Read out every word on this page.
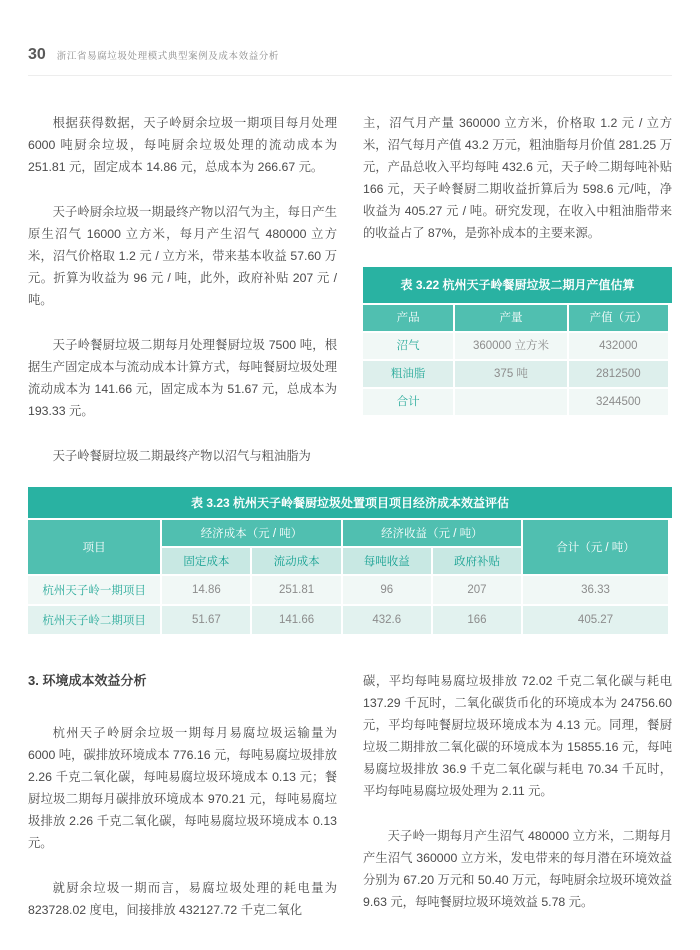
30 浙江省易腐垃圾处理模式典型案例及成本效益分析

根据获得数据，天子岭厨余垃圾一期项目每月处理 6000 吨厨余垃圾，每吨厨余垃圾处理的流动成本为 251.81 元，固定成本 14.86 元，总成本为 266.67 元。

天子岭厨余垃圾一期最终产物以沼气为主，每日产生原生沼气 16000 立方米，每月产生沼气 480000 立方米，沼气价格取 1.2 元 / 立方米，带来基本收益 57.60 万元。折算为收益为 96 元 / 吨，此外，政府补贴 207 元 / 吨。

天子岭餐厨垃圾二期每月处理餐厨垃圾 7500 吨，根据生产固定成本与流动成本计算方式，每吨餐厨垃圾处理流动成本为 141.66 元，固定成本为 51.67 元，总成本为 193.33 元。

天子岭餐厨垃圾二期最终产物以沼气与粗油脂为

主，沼气月产量 360000 立方米，价格取 1.2 元 / 立方米，沼气每月产值 43.2 万元，粗油脂每月价值 281.25 万元，产品总收入平均每吨 432.6 元，天子岭二期每吨补贴 166 元，天子岭餐厨二期收益折算后为 598.6 元/吨，净收益为 405.27 元 / 吨。研究发现，在收入中粗油脂带来的收益占了 87%，是弥补成本的主要来源。

表 3.22 杭州天子岭餐厨垃圾二期月产值估算
产品	产量	产值（元）
沼气	360000 立方米	432000
粗油脂	375 吨	2812500
合计		3244500
表 3.23 杭州天子岭餐厨垃圾处置项目项目经济成本效益评估
项目	经济成本（元 / 吨）		经济收益（元 / 吨）		合计（元 / 吨）
	固定成本	流动成本	每吨收益	政府补贴	
杭州天子岭一期项目	14.86	251.81	96	207	36.33
杭州天子岭二期项目	51.67	141.66	432.6	166	405.27
3. 环境成本效益分析

杭州天子岭厨余垃圾一期每月易腐垃圾运输量为 6000 吨，碳排放环境成本 776.16 元，每吨易腐垃圾排放 2.26 千克二氧化碳，每吨易腐垃圾环境成本 0.13 元；餐厨垃圾二期每月碳排放环境成本 970.21 元，每吨易腐垃圾排放 2.26 千克二氧化碳，每吨易腐垃圾环境成本 0.13 元。

就厨余垃圾一期而言，易腐垃圾处理的耗电量为 823728.02 度电，间接排放 432127.72 千克二氧化

碳，平均每吨易腐垃圾排放 72.02 千克二氧化碳与耗电 137.29 千瓦时，二氧化碳货币化的环境成本为 24756.60 元，平均每吨餐厨垃圾环境成本为 4.13 元。同理，餐厨垃圾二期排放二氧化碳的环境成本为 15855.16 元，每吨易腐垃圾排放 36.9 千克二氧化碳与耗电 70.34 千瓦时，平均每吨易腐垃圾处理为 2.11 元。

天子岭一期每月产生沼气 480000 立方米，二期每月产生沼气 360000 立方米，发电带来的每月潜在环境效益分别为 67.20 万元和 50.40 万元，每吨厨余垃圾环境效益 9.63 元，每吨餐厨垃圾环境效益 5.78 元。
